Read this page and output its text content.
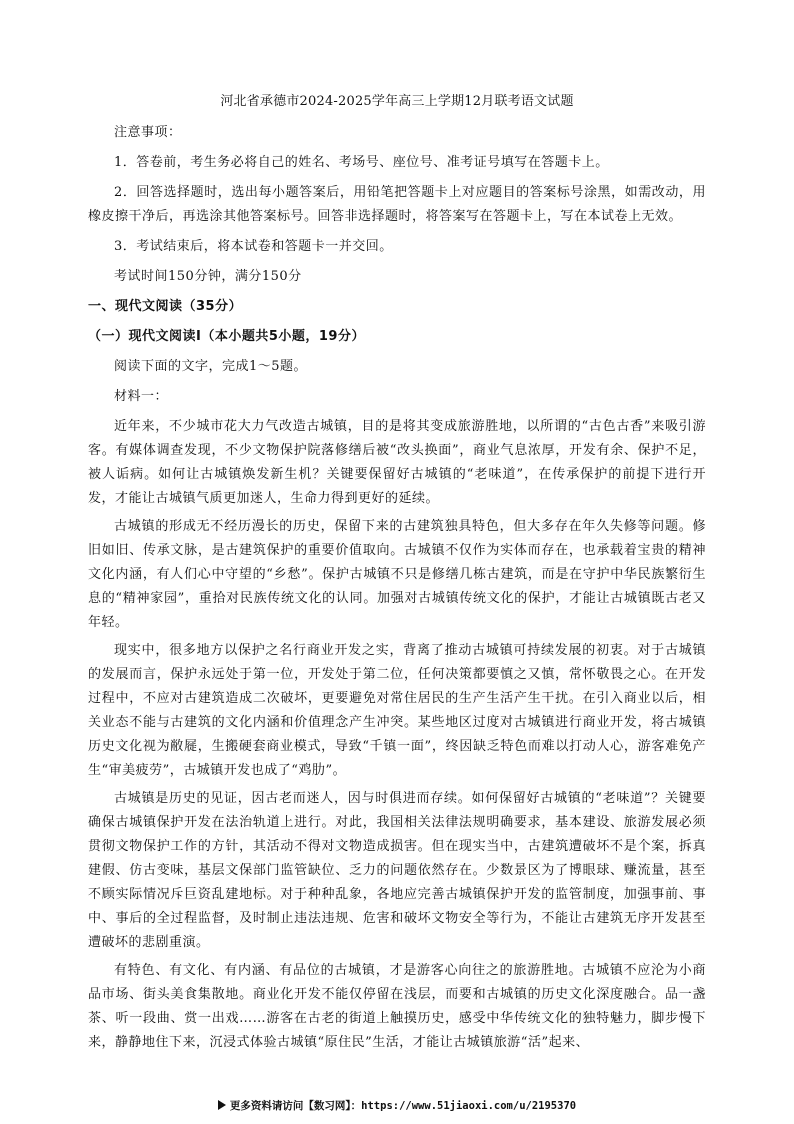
河北省承德市2024-2025学年高三上学期12月联考语文试题
注意事项：
1．答卷前，考生务必将自己的姓名、考场号、座位号、准考证号填写在答题卡上。
2．回答选择题时，选出每小题答案后，用铅笔把答题卡上对应题目的答案标号涂黑，如需改动，用橡皮擦干净后，再选涂其他答案标号。回答非选择题时，将答案写在答题卡上，写在本试卷上无效。
3．考试结束后，将本试卷和答题卡一并交回。
考试时间150分钟，满分150分
一、现代文阅读（35分）
（一）现代文阅读Ⅰ（本小题共5小题，19分）
阅读下面的文字，完成1～5题。
材料一：
近年来，不少城市花大力气改造古城镇，目的是将其变成旅游胜地，以所谓的“古色古香”来吸引游客。有媒体调查发现，不少文物保护院落修缮后被“改头换面”，商业气息浓厚，开发有余、保护不足，被人诟病。如何让古城镇焕发新生机？关键要保留好古城镇的“老味道”，在传承保护的前提下进行开发，才能让古城镇气质更加迷人，生命力得到更好的延续。
古城镇的形成无不经历漫长的历史，保留下来的古建筑独具特色，但大多存在年久失修等问题。修旧如旧、传承文脉，是古建筑保护的重要价值取向。古城镇不仅作为实体而存在，也承载着宝贵的精神文化内涵，有人们心中守望的“乡愁”。保护古城镇不只是修缮几栋古建筑，而是在守护中华民族繁衍生息的“精神家园”，重拾对民族传统文化的认同。加强对古城镇传统文化的保护，才能让古城镇既古老又年轻。
现实中，很多地方以保护之名行商业开发之实，背离了推动古城镇可持续发展的初衷。对于古城镇的发展而言，保护永远处于第一位，开发处于第二位，任何决策都要慎之又慎，常怀敬畏之心。在开发过程中，不应对古建筑造成二次破坏，更要避免对常住居民的生产生活产生干扰。在引入商业以后，相关业态不能与古建筑的文化内涵和价值理念产生冲突。某些地区过度对古城镇进行商业开发，将古城镇历史文化视为敝屣，生搬硬套商业模式，导致“千镇一面”，终因缺乏特色而难以打动人心，游客难免产生“审美疲劳”，古城镇开发也成了“鸡肋”。
古城镇是历史的见证，因古老而迷人，因与时俱进而存续。如何保留好古城镇的“老味道”？关键要确保古城镇保护开发在法治轨道上进行。对此，我国相关法律法规明确要求，基本建设、旅游发展必须贯彻文物保护工作的方针，其活动不得对文物造成损害。但在现实当中，古建筑遭破坏不是个案，拆真建假、仿古变味，基层文保部门监管缺位、乏力的问题依然存在。少数景区为了博眼球、赚流量，甚至不顾实际情况斥巨资乱建地标。对于种种乱象，各地应完善古城镇保护开发的监管制度，加强事前、事中、事后的全过程监督，及时制止违法违规、危害和破坏文物安全等行为，不能让古建筑无序开发甚至遭破坏的悲剧重演。
有特色、有文化、有内涵、有品位的古城镇，才是游客心向往之的旅游胜地。古城镇不应沦为小商品市场、街头美食集散地。商业化开发不能仅停留在浅层，而要和古城镇的历史文化深度融合。品一盏茶、听一段曲、赏一出戏……游客在古老的街道上触摸历史，感受中华传统文化的独特魅力，脚步慢下来，静静地住下来，沉浸式体验古城镇“原住民”生活，才能让古城镇旅游“活”起来、
更多资料请访问【数习网】：https://www.51jiaoxi.com/u/2195370
